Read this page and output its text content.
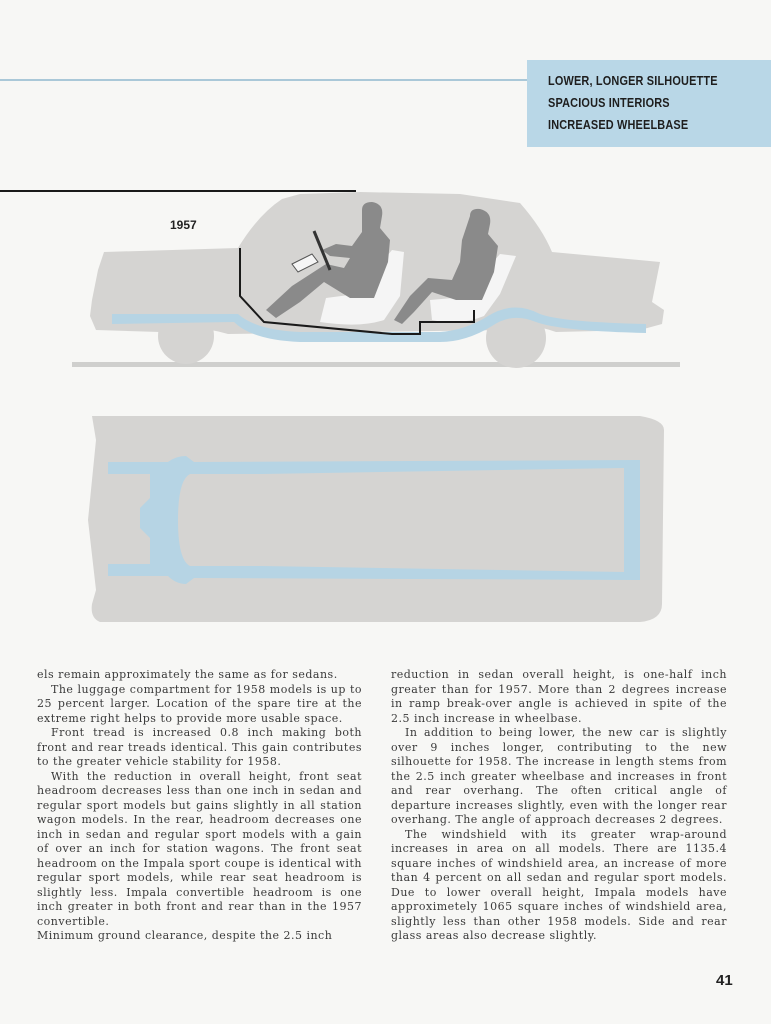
LOWER, LONGER SILHOUETTE
SPACIOUS INTERIORS
INCREASED WHEELBASE
1957

els remain approximately the same as for sedans.

The luggage compartment for 1958 models is up to 25 percent larger. Location of the spare tire at the extreme right helps to provide more usable space.

Front tread is increased 0.8 inch making both front and rear treads identical. This gain contributes to the greater vehicle stability for 1958.

With the reduction in overall height, front seat headroom decreases less than one inch in sedan and regular sport models but gains slightly in all station wagon models. In the rear, headroom decreases one inch in sedan and regular sport models with a gain of over an inch for station wagons. The front seat headroom on the Impala sport coupe is identical with regular sport models, while rear seat headroom is slightly less. Impala convertible headroom is one inch greater in both front and rear than in the 1957 convertible.

Minimum ground clearance, despite the 2.5 inch

reduction in sedan overall height, is one-half inch greater than for 1957. More than 2 degrees increase in ramp break-over angle is achieved in spite of the 2.5 inch increase in wheelbase.

In addition to being lower, the new car is slightly over 9 inches longer, contributing to the new silhouette for 1958. The increase in length stems from the 2.5 inch greater wheelbase and increases in front and rear overhang. The often critical angle of departure increases slightly, even with the longer rear overhang. The angle of approach decreases 2 degrees.

The windshield with its greater wrap-around increases in area on all models. There are 1135.4 square inches of windshield area, an increase of more than 4 percent on all sedan and regular sport models. Due to lower overall height, Impala models have approximetely 1065 square inches of windshield area, slightly less than other 1958 models. Side and rear glass areas also decrease slightly.

41
